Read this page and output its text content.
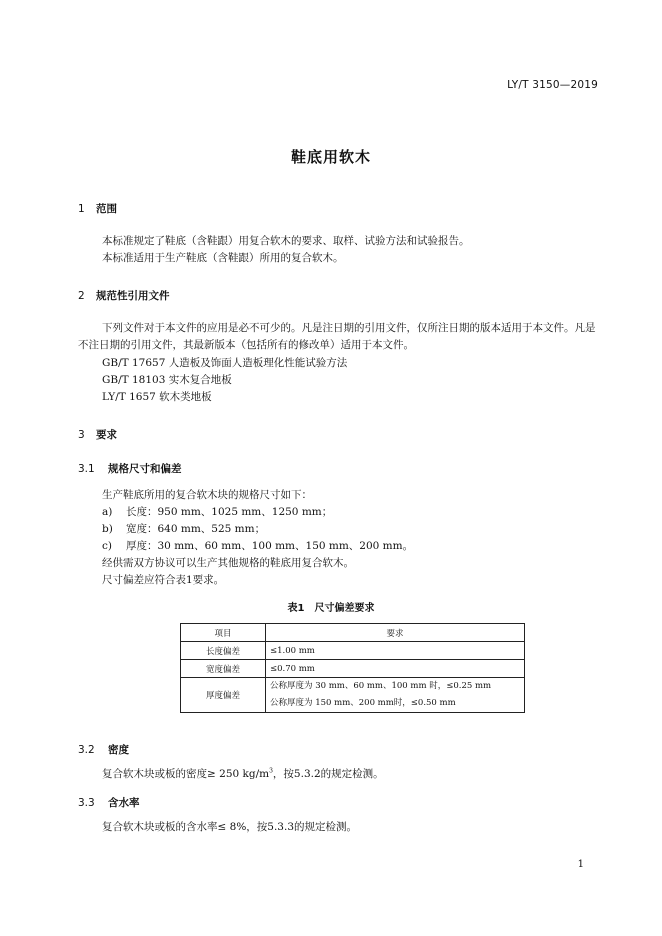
LY/T 3150—2019
鞋底用软木
1 范围
本标准规定了鞋底（含鞋跟）用复合软木的要求、取样、试验方法和试验报告。
本标准适用于生产鞋底（含鞋跟）所用的复合软木。
2 规范性引用文件
下列文件对于本文件的应用是必不可少的。凡是注日期的引用文件，仅所注日期的版本适用于本文件。凡是不注日期的引用文件，其最新版本（包括所有的修改单）适用于本文件。
GB/T 17657 人造板及饰面人造板理化性能试验方法
GB/T 18103 实木复合地板
LY/T 1657 软木类地板
3 要求
3.1 规格尺寸和偏差
生产鞋底所用的复合软木块的规格尺寸如下：
a) 长度：950 mm、1025 mm、1250 mm；
b) 宽度：640 mm、525 mm；
c) 厚度：30 mm、60 mm、100 mm、150 mm、200 mm。
经供需双方协议可以生产其他规格的鞋底用复合软木。
尺寸偏差应符合表1要求。
表1　尺寸偏差要求
项目	要求
长度偏差	≤1.00 mm
宽度偏差	≤0.70 mm
厚度偏差	公称厚度为 30 mm、60 mm、100 mm 时，≤0.25 mm
公称厚度为 150 mm、200 mm时，≤0.50 mm
3.2 密度
复合软木块或板的密度≥ 250 $kg/m^3$，按5.3.2的规定检测。
3.3 含水率
复合软木块或板的含水率≤ 8%，按5.3.3的规定检测。
1
